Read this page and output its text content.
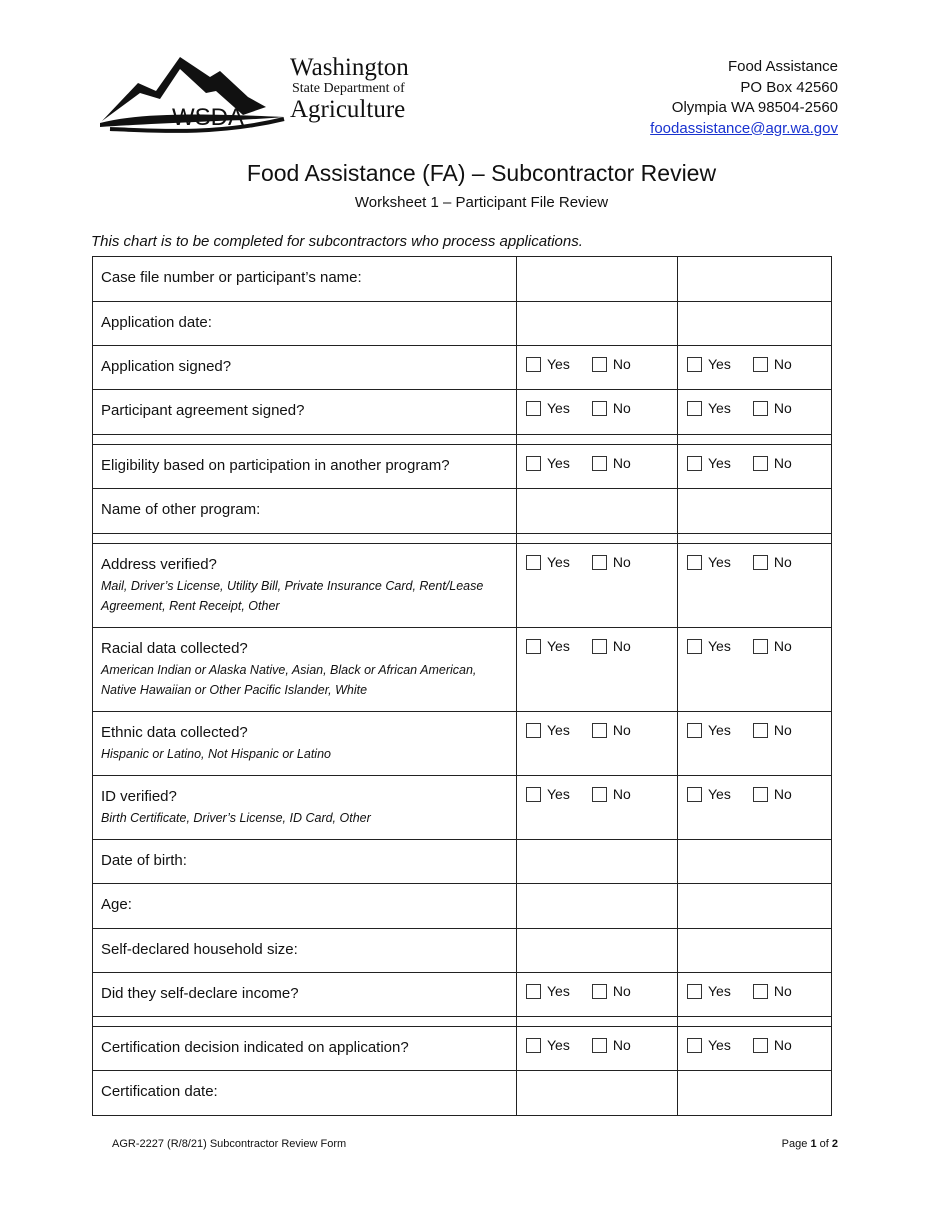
WSDA
Washington
State Department of
Agriculture
Food Assistance
PO Box 42560
Olympia WA 98504-2560
foodassistance@agr.wa.gov
Food Assistance (FA) – Subcontractor Review
Worksheet 1 – Participant File Review
This chart is to be completed for subcontractors who process applications.
Case file number or participant’s name:		

Application date:		

Application signed?	Yes No	Yes No

Participant agreement signed?	Yes No	Yes No

Eligibility based on participation in another program?	Yes No	Yes No

Name of other program:		

Address verified?
Mail, Driver’s License, Utility Bill, Private Insurance Card, Rent/Lease Agreement, Rent Receipt, Other	Yes No	Yes No

Racial data collected?
American Indian or Alaska Native, Asian, Black or African American, Native Hawaiian or Other Pacific Islander, White	Yes No	Yes No

Ethnic data collected?
Hispanic or Latino, Not Hispanic or Latino	Yes No	Yes No

ID verified?
Birth Certificate, Driver’s License, ID Card, Other	Yes No	Yes No

Date of birth:		

Age:		

Self-declared household size:		

Did they self-declare income?	Yes No	Yes No

Certification decision indicated on application?	Yes No	Yes No

Certification date:		

AGR-2227 (R/8/21) Subcontractor Review Form	Page 1 of 2
